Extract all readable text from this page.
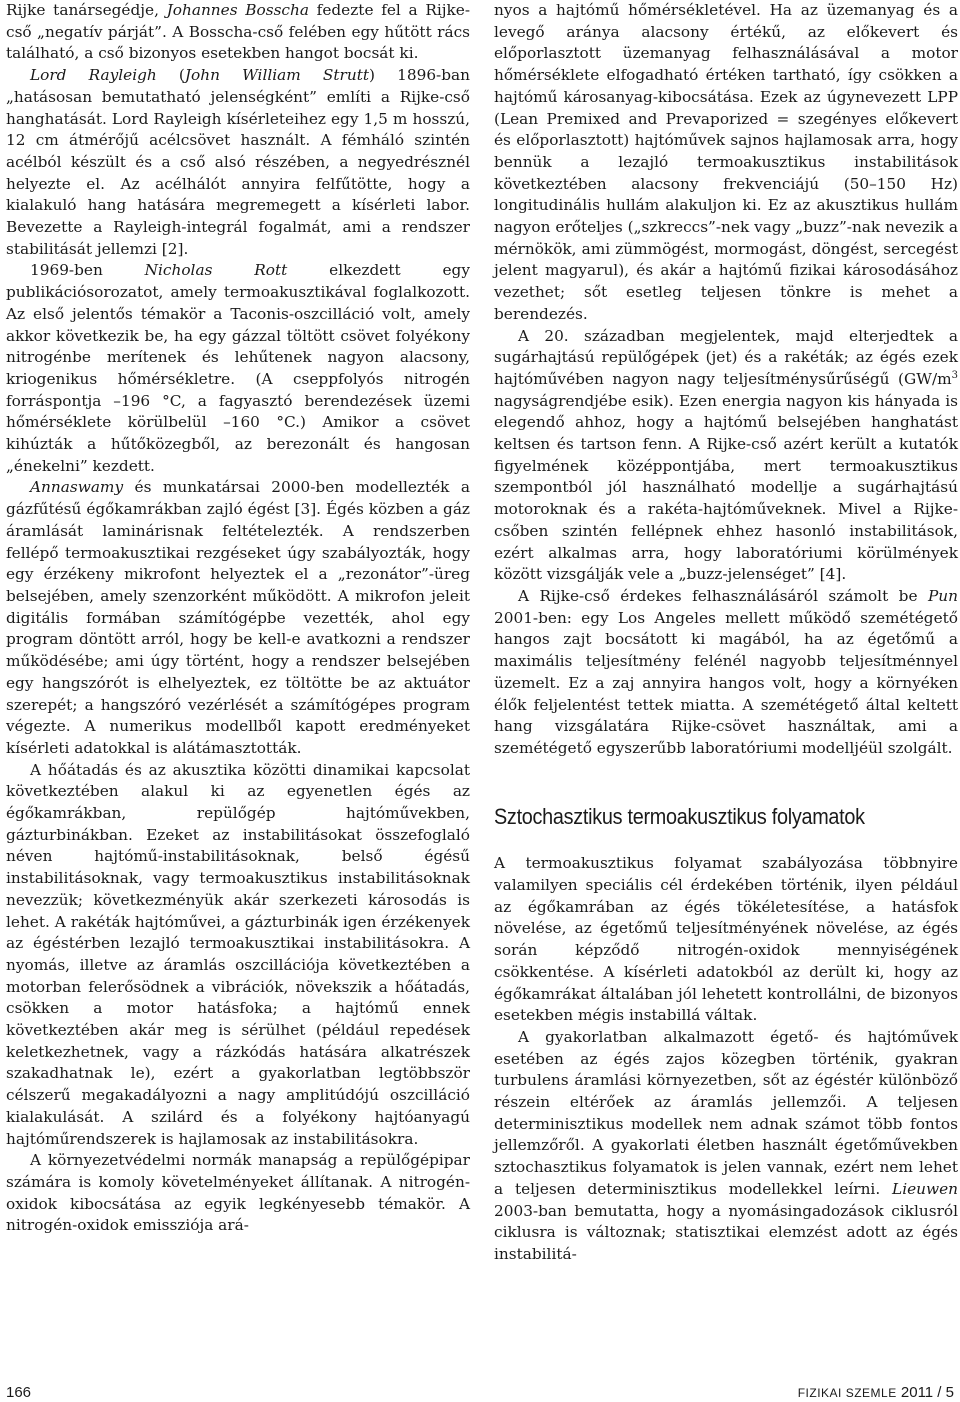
Rijke tanársegédje, Johannes Bosscha fedezte fel a Rijke-cső „negatív párját”. A Bosscha-cső felében egy hűtött rács található, a cső bizonyos esetekben hangot bocsát ki.

Lord Rayleigh (John William Strutt) 1896-ban „hatásosan bemutatható jelenségként” említi a Rijke-cső hanghatását. Lord Rayleigh kísérleteihez egy 1,5 m hosszú, 12 cm átmérőjű acélcsövet használt. A fémháló szintén acélból készült és a cső alsó részében, a negyedrésznél helyezte el. Az acélhálót annyira felfűtötte, hogy a kialakuló hang hatására megremegett a kísérleti labor. Bevezette a Rayleigh-integrál fogalmát, ami a rendszer stabilitását jellemzi [2].

1969-ben Nicholas Rott elkezdett egy publikációsorozatot, amely termoakusztikával foglalkozott. Az első jelentős témakör a Taconis-oszcilláció volt, amely akkor következik be, ha egy gázzal töltött csövet folyékony nitrogénbe merítenek és lehűtenek nagyon alacsony, kriogenikus hőmérsékletre. (A cseppfolyós nitrogén forráspontja –196 °C, a fagyasztó berendezések üzemi hőmérséklete körülbelül –160 °C.) Amikor a csövet kihúzták a hűtőközegből, az berezonált és hangosan „énekelni” kezdett.

Annaswamy és munkatársai 2000-ben modellezték a gázfűtésű égőkamrákban zajló égést [3]. Égés közben a gáz áramlását laminárisnak feltételezték. A rendszerben fellépő termoakusztikai rezgéseket úgy szabályozták, hogy egy érzékeny mikrofont helyeztek el a „rezonátor”-üreg belsejében, amely szenzorként működött. A mikrofon jeleit digitális formában számítógépbe vezették, ahol egy program döntött arról, hogy be kell-e avatkozni a rendszer működésébe; ami úgy történt, hogy a rendszer belsejében egy hangszórót is elhelyeztek, ez töltötte be az aktuátor szerepét; a hangszóró vezérlését a számítógépes program végezte. A numerikus modellből kapott eredményeket kísérleti adatokkal is alátámasztották.

A hőátadás és az akusztika közötti dinamikai kapcsolat következtében alakul ki az egyenetlen égés az égőkamrákban, repülőgép hajtóművekben, gázturbinákban. Ezeket az instabilitásokat összefoglaló néven hajtómű-instabilitásoknak, belső égésű instabilitásoknak, vagy termoakusztikus instabilitásoknak nevezzük; következményük akár szerkezeti károsodás is lehet. A rakéták hajtóművei, a gázturbinák igen érzékenyek az égéstérben lezajló termoakusztikai instabilitásokra. A nyomás, illetve az áramlás oszcillációja következtében a motorban felerősödnek a vibrációk, növekszik a hőátadás, csökken a motor hatásfoka; a hajtómű ennek következtében akár meg is sérülhet (például repedések keletkezhetnek, vagy a rázkódás hatására alkatrészek szakadhatnak le), ezért a gyakorlatban legtöbbször célszerű megakadályozni a nagy amplitúdójú oszcilláció kialakulását. A szilárd és a folyékony hajtóanyagú hajtóműrendszerek is hajlamosak az instabilitásokra.

A környezetvédelmi normák manapság a repülőgépipar számára is komoly követelményeket állítanak. A nitrogén-oxidok kibocsátása az egyik legkényesebb témakör. A nitrogén-oxidok emissziója ará-

nyos a hajtómű hőmérsékletével. Ha az üzemanyag és a levegő aránya alacsony értékű, az előkevert és előporlasztott üzemanyag felhasználásával a motor hőmérséklete elfogadható értéken tartható, így csökken a hajtómű károsanyag-kibocsátása. Ezek az úgynevezett LPP (Lean Premixed and Prevaporized = szegényes előkevert és előporlasztott) hajtóművek sajnos hajlamosak arra, hogy bennük a lezajló termoakusztikus instabilitások következtében alacsony frekvenciájú (50–150 Hz) longitudinális hullám alakuljon ki. Ez az akusztikus hullám nagyon erőteljes („szkreccs”-nek vagy „buzz”-nak nevezik a mérnökök, ami zümmögést, mormogást, döngést, sercegést jelent magyarul), és akár a hajtómű fizikai károsodásához vezethet; sőt esetleg teljesen tönkre is mehet a berendezés.

A 20. században megjelentek, majd elterjedtek a sugárhajtású repülőgépek (jet) és a rakéták; az égés ezek hajtóművében nagyon nagy teljesítménysűrűségű ($GW/m^3$ nagyságrendjébe esik). Ezen energia nagyon kis hányada is elegendő ahhoz, hogy a hajtómű belsejében hanghatást keltsen és tartson fenn. A Rijke-cső azért került a kutatók figyelmének középpontjába, mert termoakusztikus szempontból jól használható modellje a sugárhajtású motoroknak és a rakéta-hajtóműveknek. Mivel a Rijke-csőben szintén fellépnek ehhez hasonló instabilitások, ezért alkalmas arra, hogy laboratóriumi körülmények között vizsgálják vele a „buzz-jelenséget” [4].

A Rijke-cső érdekes felhasználásáról számolt be Pun 2001-ben: egy Los Angeles mellett működő szemétégető hangos zajt bocsátott ki magából, ha az égetőmű a maximális teljesítmény felénél nagyobb teljesítménnyel üzemelt. Ez a zaj annyira hangos volt, hogy a környéken élők feljelentést tettek miatta. A szemétégető által keltett hang vizsgálatára Rijke-csövet használtak, ami a szemétégető egyszerűbb laboratóriumi modelljéül szolgált.

Sztochasztikus termoakusztikus folyamatok

A termoakusztikus folyamat szabályozása többnyire valamilyen speciális cél érdekében történik, ilyen például az égőkamrában az égés tökéletesítése, a hatásfok növelése, az égetőmű teljesítményének növelése, az égés során képződő nitrogén-oxidok mennyiségének csökkentése. A kísérleti adatokból az derült ki, hogy az égőkamrákat általában jól lehetett kontrollálni, de bizonyos esetekben mégis instabillá váltak.

A gyakorlatban alkalmazott égető- és hajtóművek esetében az égés zajos közegben történik, gyakran turbulens áramlási környezetben, sőt az égéstér különböző részein eltérőek az áramlás jellemzői. A teljesen determinisztikus modellek nem adnak számot több fontos jellemzőről. A gyakorlati életben használt égetőművekben sztochasztikus folyamatok is jelen vannak, ezért nem lehet a teljesen determinisztikus modellekkel leírni. Lieuwen 2003-ban bemutatta, hogy a nyomásingadozások ciklusról ciklusra is változnak; statisztikai elemzést adott az égés instabilitá-

166	FIZIKAI SZEMLE 2011 / 5
